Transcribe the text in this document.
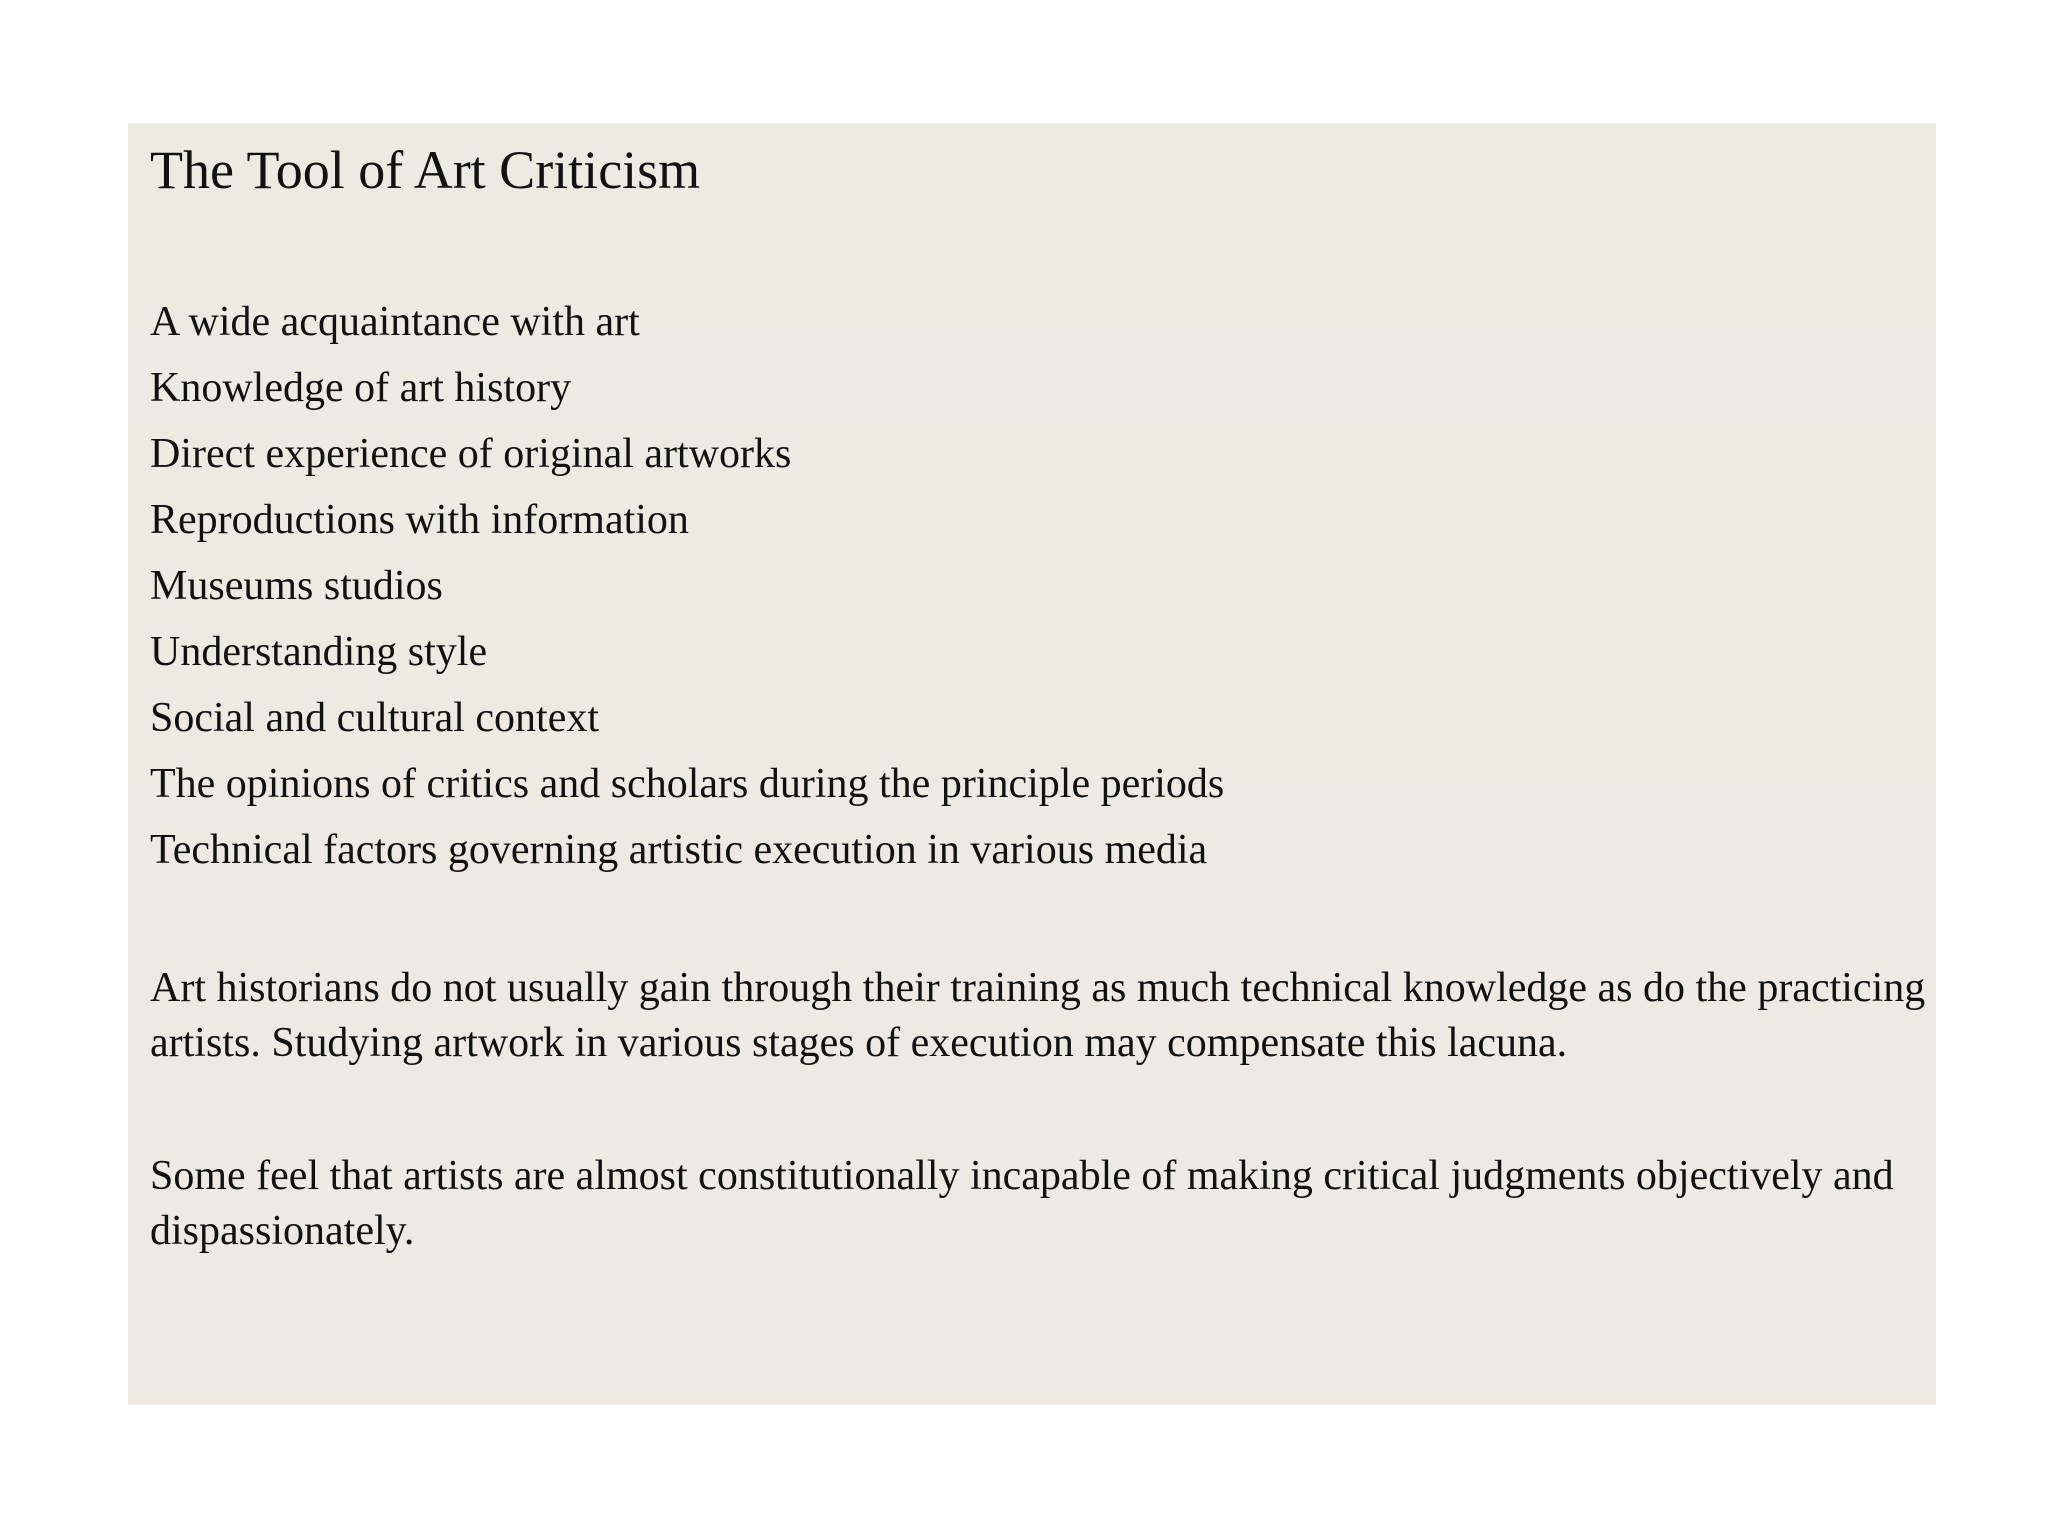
The Tool of Art Criticism
A wide acquaintance with art
Knowledge of art history
Direct experience of original artworks
Reproductions with information
Museums studios
Understanding style
Social and cultural context
The opinions of critics and scholars during the principle periods
Technical factors governing artistic execution in various media

Art historians do not usually gain through their training as much technical knowledge as do the practicing artists. Studying artwork in various stages of execution may compensate this lacuna.

Some feel that artists are almost constitutionally incapable of making critical judgments objectively and dispassionately.
